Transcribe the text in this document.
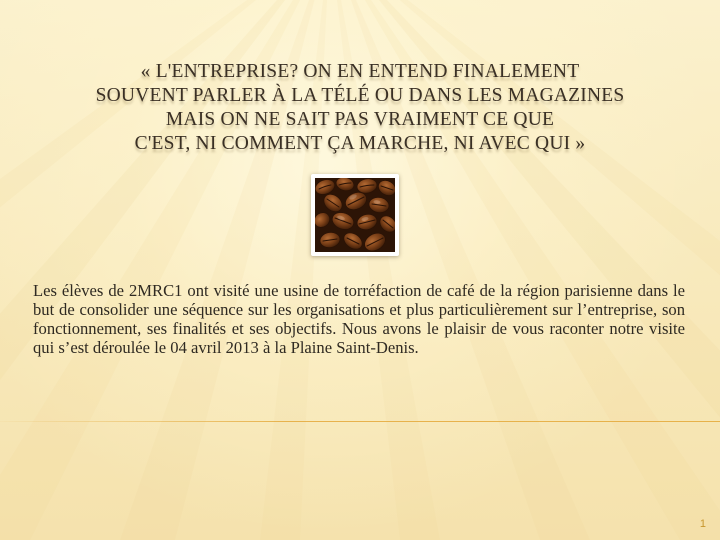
« L'ENTREPRISE? ON EN ENTEND FINALEMENT
SOUVENT PARLER À LA TÉLÉ OU DANS LES MAGAZINES
MAIS ON NE SAIT PAS VRAIMENT CE QUE
C'EST, NI COMMENT ÇA MARCHE, NI AVEC QUI »

Les élèves de 2MRC1 ont visité une usine de torréfaction de café de la région parisienne dans le but de consolider une séquence sur les organisations et plus particulièrement sur l’entreprise, son fonctionnement, ses finalités et ses objectifs. Nous avons le plaisir de vous raconter notre visite qui s’est déroulée le 04 avril 2013 à la Plaine Saint-Denis.

1
